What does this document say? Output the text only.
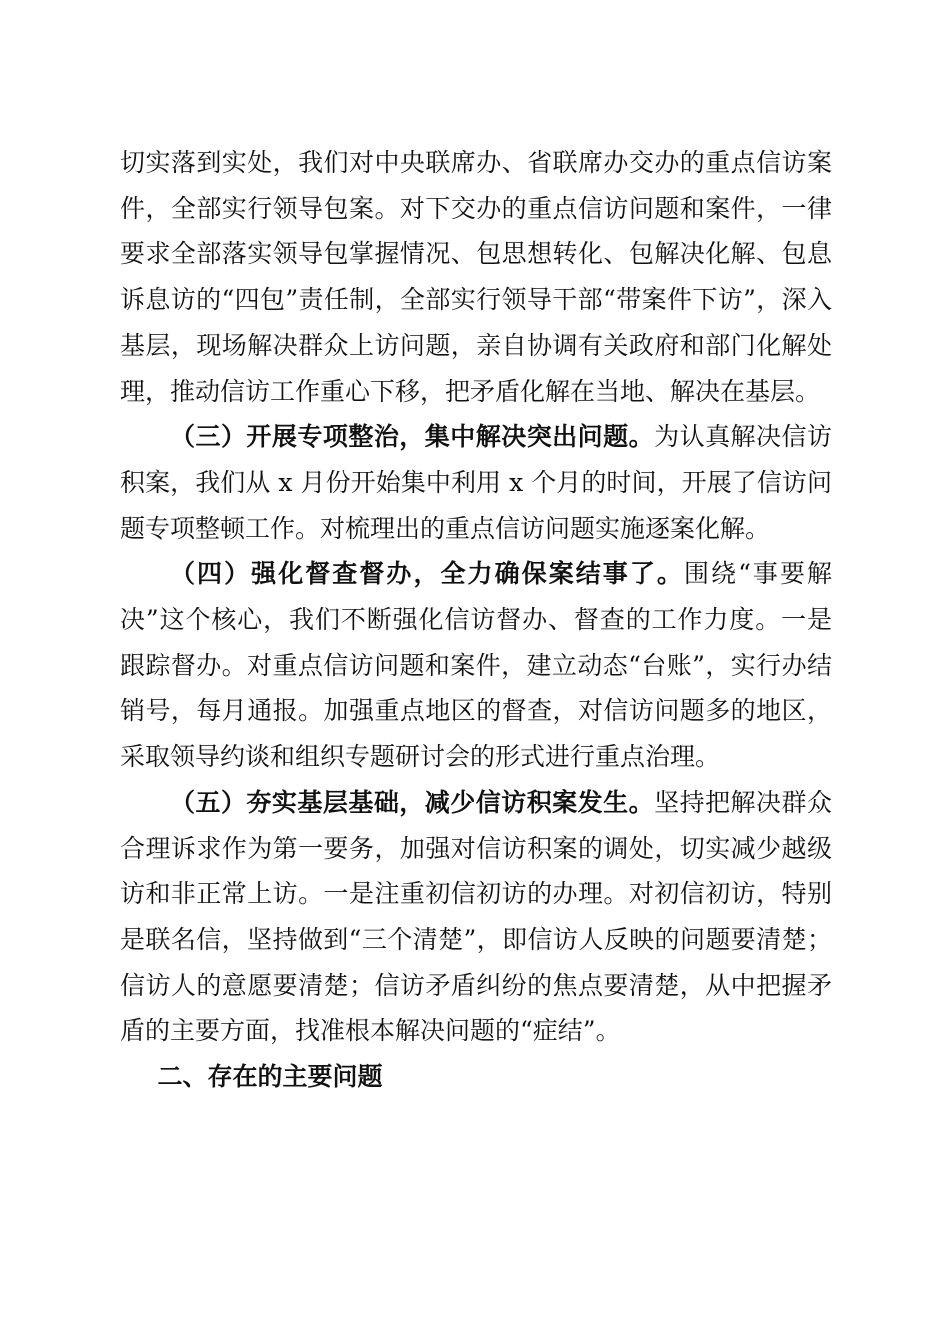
切实落到实处，我们对中央联席办、省联席办交办的重点信访案件，全部实行领导包案。对下交办的重点信访问题和案件，一律要求全部落实领导包掌握情况、包思想转化、包解决化解、包息诉息访的“四包”责任制，全部实行领导干部“带案件下访”，深入基层，现场解决群众上访问题，亲自协调有关政府和部门化解处理，推动信访工作重心下移，把矛盾化解在当地、解决在基层。

（三）开展专项整治，集中解决突出问题。为认真解决信访积案，我们从 x 月份开始集中利用 x 个月的时间，开展了信访问题专项整顿工作。对梳理出的重点信访问题实施逐案化解。

（四）强化督查督办，全力确保案结事了。围绕“事要解决”这个核心，我们不断强化信访督办、督查的工作力度。一是跟踪督办。对重点信访问题和案件，建立动态“台账”，实行办结销号，每月通报。加强重点地区的督查，对信访问题多的地区，采取领导约谈和组织专题研讨会的形式进行重点治理。

（五）夯实基层基础，减少信访积案发生。坚持把解决群众合理诉求作为第一要务，加强对信访积案的调处，切实减少越级访和非正常上访。一是注重初信初访的办理。对初信初访，特别是联名信，坚持做到“三个清楚”，即信访人反映的问题要清楚；信访人的意愿要清楚；信访矛盾纠纷的焦点要清楚，从中把握矛盾的主要方面，找准根本解决问题的“症结”。

二、存在的主要问题
